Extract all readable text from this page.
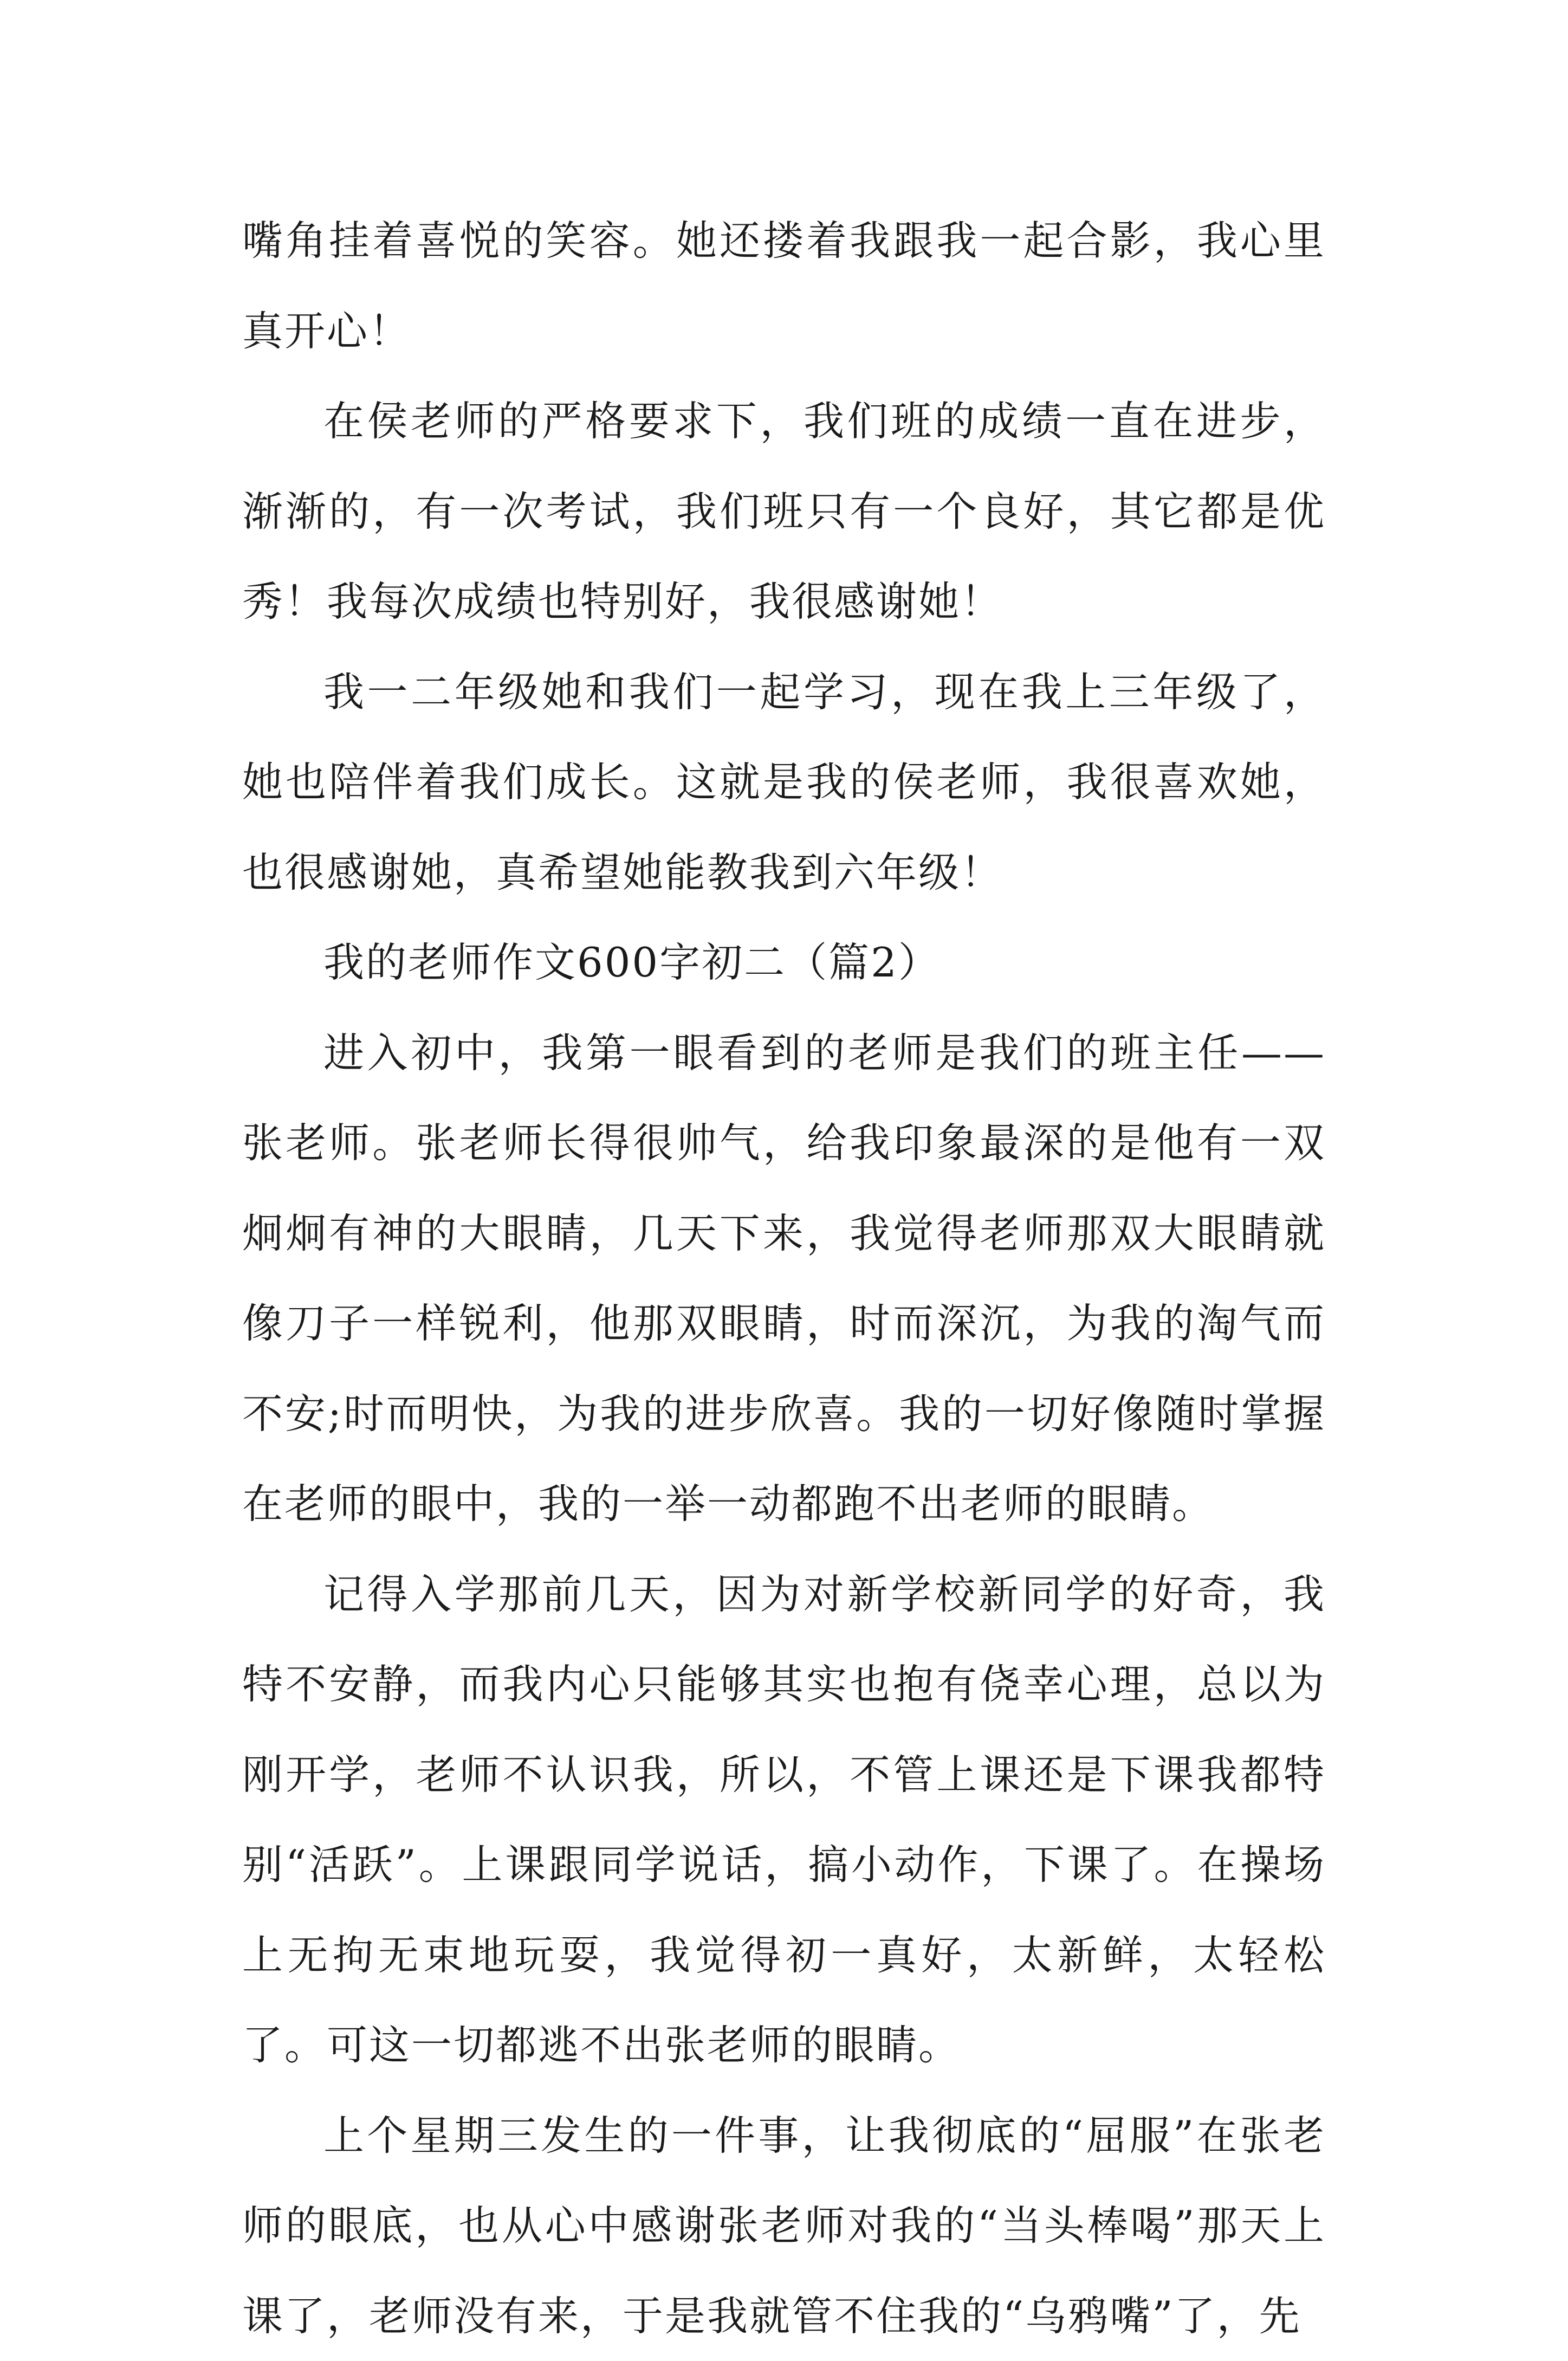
嘴角挂着喜悦的笑容。她还搂着我跟我一起合影，我心里真开心！

在侯老师的严格要求下，我们班的成绩一直在进步，渐渐的，有一次考试，我们班只有一个良好，其它都是优秀！我每次成绩也特别好，我很感谢她！

我一二年级她和我们一起学习，现在我上三年级了，她也陪伴着我们成长。这就是我的侯老师，我很喜欢她，也很感谢她，真希望她能教我到六年级！

我的老师作文600字初二（篇2）

进入初中，我第一眼看到的老师是我们的班主任——张老师。张老师长得很帅气，给我印象最深的是他有一双炯炯有神的大眼睛，几天下来，我觉得老师那双大眼睛就像刀子一样锐利，他那双眼睛，时而深沉，为我的淘气而不安;时而明快，为我的进步欣喜。我的一切好像随时掌握在老师的眼中，我的一举一动都跑不出老师的眼睛。

记得入学那前几天，因为对新学校新同学的好奇，我特不安静，而我内心只能够其实也抱有侥幸心理，总以为刚开学，老师不认识我，所以，不管上课还是下课我都特别“活跃”。上课跟同学说话，搞小动作，下课了。在操场上无拘无束地玩耍，我觉得初一真好，太新鲜，太轻松了。可这一切都逃不出张老师的眼睛。

上个星期三发生的一件事，让我彻底的“屈服”在张老师的眼底，也从心中感谢张老师对我的“当头棒喝”那天上课了，老师没有来，于是我就管不住我的“乌鸦嘴”了，先
